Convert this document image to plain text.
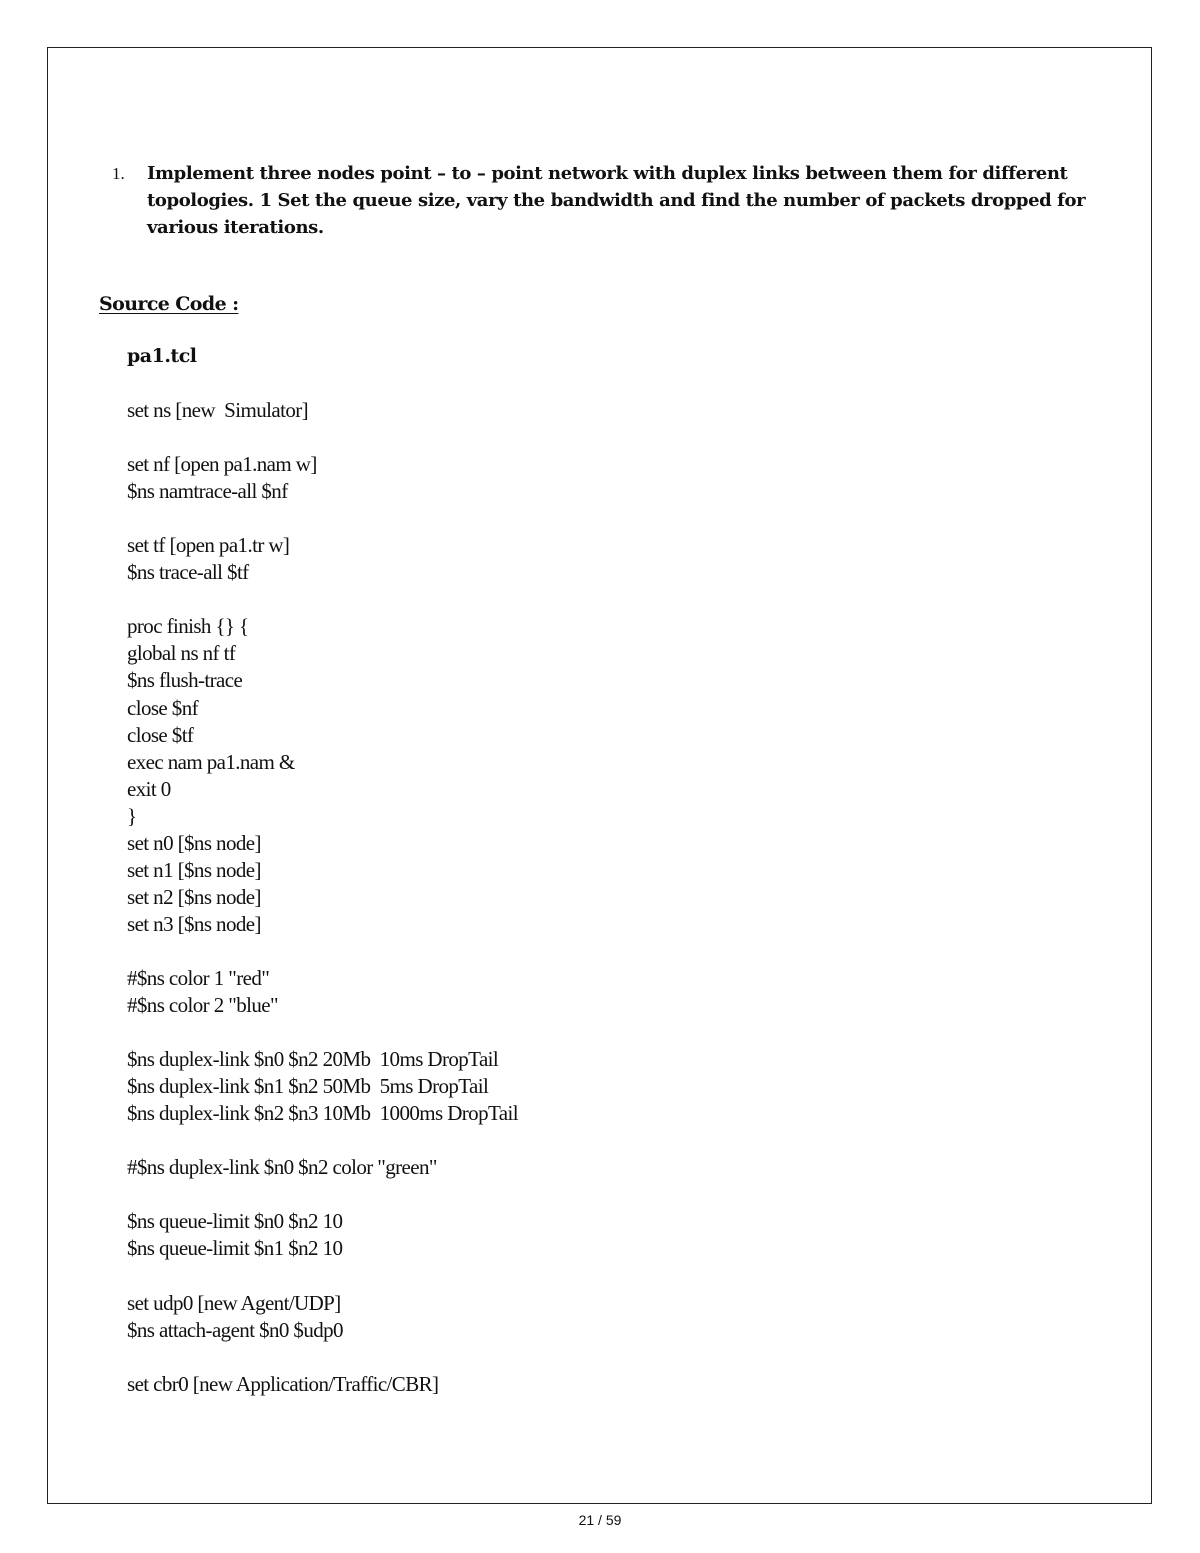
1. Implement three nodes point – to – point network with duplex links between them for different topologies. 1 Set the queue size, vary the bandwidth and find the number of packets dropped for various iterations.
Source Code :
pa1.tcl
set ns [new  Simulator]
set nf [open pa1.nam w]
$ns namtrace-all $nf
set tf [open pa1.tr w]
$ns trace-all $tf
proc finish {} {
global ns nf tf
$ns flush-trace
close $nf
close $tf
exec nam pa1.nam &
exit 0
}
set n0 [$ns node]
set n1 [$ns node]
set n2 [$ns node]
set n3 [$ns node]
#$ns color 1 "red"
#$ns color 2 "blue"
$ns duplex-link $n0 $n2 20Mb  10ms DropTail
$ns duplex-link $n1 $n2 50Mb  5ms DropTail
$ns duplex-link $n2 $n3 10Mb  1000ms DropTail
#$ns duplex-link $n0 $n2 color "green"
$ns queue-limit $n0 $n2 10
$ns queue-limit $n1 $n2 10
set udp0 [new Agent/UDP]
$ns attach-agent $n0 $udp0
set cbr0 [new Application/Traffic/CBR]
21 / 59
